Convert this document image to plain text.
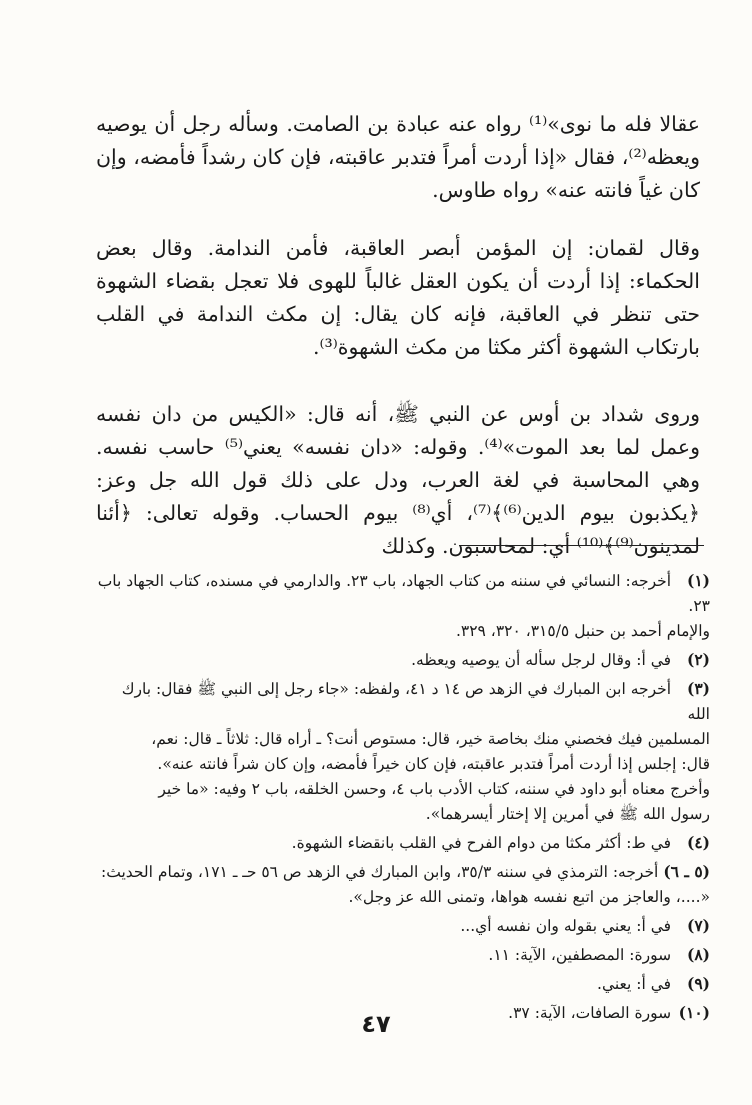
عقالا فله ما نوى»⁽¹⁾ رواه عنه عبادة بن الصامت. وسأله رجل أن يوصيه ويعظه⁽²⁾، فقال «إذا أردت أمراً فتدبر عاقبته، فإن كان رشداً فأمضه، وإن كان غياً فانته عنه» رواه طاوس.

وقال لقمان: إن المؤمن أبصر العاقبة، فأمن الندامة. وقال بعض الحكماء: إذا أردت أن يكون العقل غالباً للهوى فلا تعجل بقضاء الشهوة حتى تنظر في العاقبة، فإنه كان يقال: إن مكث الندامة في القلب بارتكاب الشهوة أكثر مكثا من مكث الشهوة⁽³⁾.

وروى شداد بن أوس عن النبي ﷺ، أنه قال: «الكيس من دان نفسه وعمل لما بعد الموت»⁽⁴⁾. وقوله: «دان نفسه» يعني⁽⁵⁾ حاسب نفسه. وهي المحاسبة في لغة العرب، ودل على ذلك قول الله جل وعز: ﴿يكذبون بيوم الدين⁽⁶⁾﴾⁽⁷⁾، أي⁽⁸⁾ بيوم الحساب. وقوله تعالى: ﴿أئنا لمدينون⁽⁹⁾﴾⁽¹⁰⁾ أي: لمحاسبون. وكذلك

(١) أخرجه: النسائي في سننه من كتاب الجهاد، باب ٢٣. والدارمي في مسنده، كتاب الجهاد باب ٢٣.
والإمام أحمد بن حنبل ٣١٥/٥، ٣٢٠، ٣٢٩.
(٢) في أ: وقال لرجل سأله أن يوصيه ويعظه.
(٣) أخرجه ابن المبارك في الزهد ص ١٤ د ٤١، ولفظه: «جاء رجل إلى النبي ﷺ فقال: بارك الله
المسلمين فيك فخصني منك بخاصة خير، قال: مستوص أنت؟ ـ أراه قال: ثلاثاً ـ قال: نعم،
قال: إجلس إذا أردت أمراً فتدبر عاقبته، فإن كان خيراً فأمضه، وإن كان شراً فانته عنه».
وأخرج معناه أبو داود في سننه، كتاب الأدب باب ٤، وحسن الخلقه، باب ٢ وفيه: «ما خير
رسول الله ﷺ في أمرين إلا إختار أيسرهما».
(٤) في ط: أكثر مكثا من دوام الفرح في القلب بانقضاء الشهوة.
(٥ ـ ٦) أخرجه: الترمذي في سننه ٣٥/٣، وابن المبارك في الزهد ص ٥٦ حـ ـ ١٧١، وتمام الحديث:
«....، والعاجز من اتبع نفسه هواها، وتمنى الله عز وجل».
(٧) في أ: يعني بقوله وان نفسه أي...
(٨) سورة: المصطفين، الآية: ١١.
(٩) في أ: يعني.
(١٠) سورة الصافات، الآية: ٣٧.
٤٧
